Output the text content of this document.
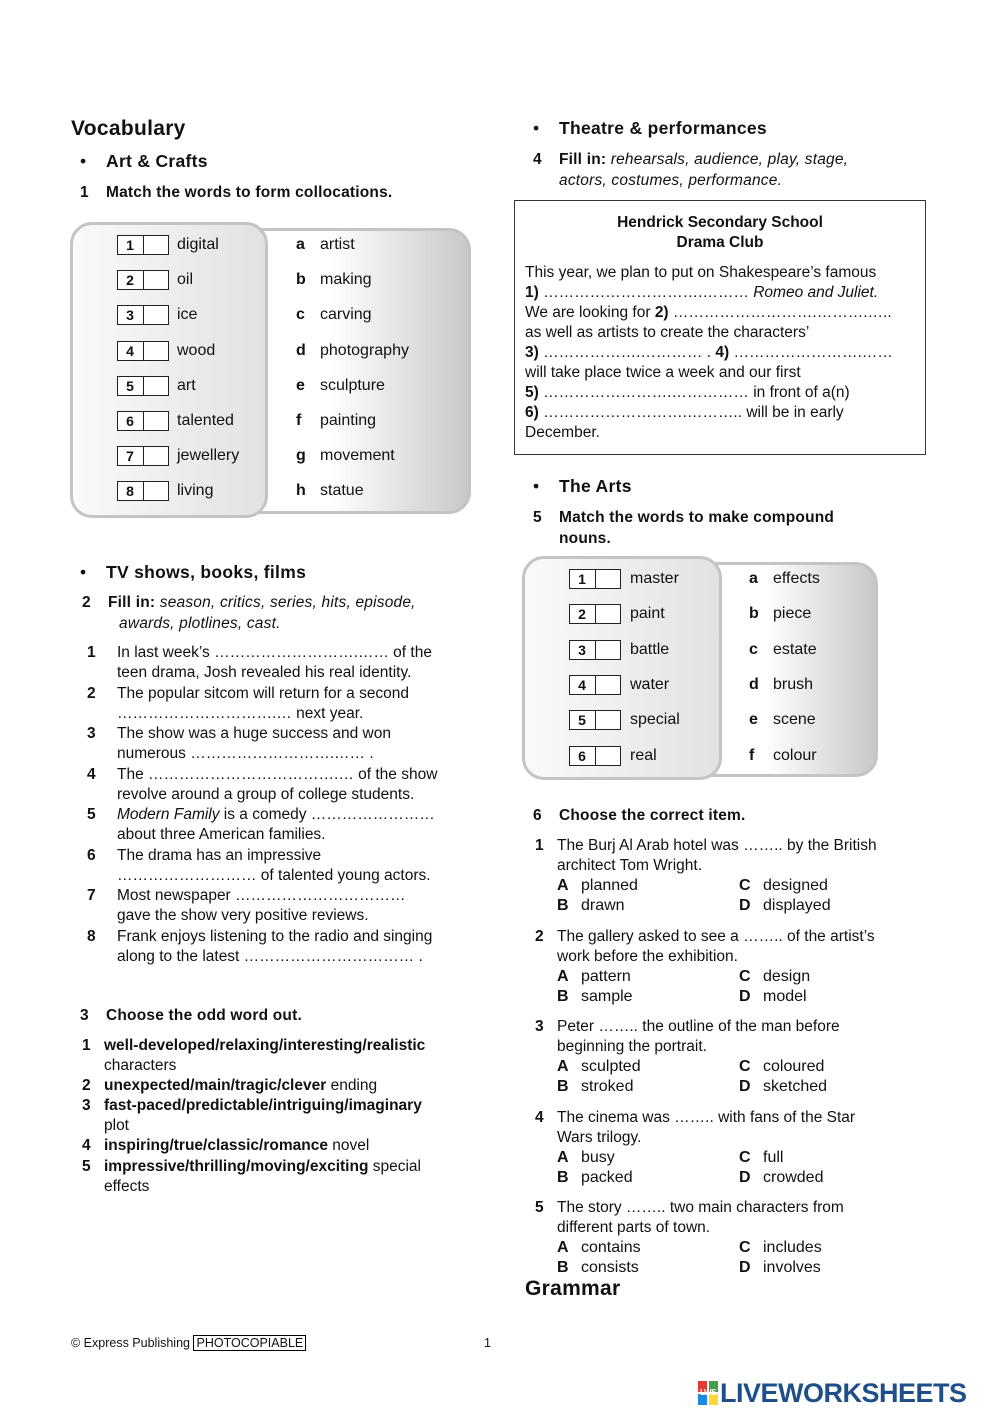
Vocabulary
• Art & Crafts
1 Match the words to form collocations.
1	digital	a artist
2	oil	b making
3	ice	c carving
4	wood	d photography
5	art	e sculpture
6	talented	f painting
7	jewellery	g movement
8	living	h statue
• TV shows, books, films
2 Fill in: season, critics, series, hits, episode,
awards, plotlines, cast.
1 In last week’s ……………………….…… of the
teen drama, Josh revealed his real identity.
2 The popular sitcom will return for a second
………………………….… next year.
3 The show was a huge success and won
numerous ……………………….…… .
4 The ……………………………….… of the show
revolve around a group of college students.
5 Modern Family is a comedy ……………………
about three American families.
6 The drama has an impressive
……………………… of talented young actors.
7 Most newspaper ……………………………
gave the show very positive reviews.
8 Frank enjoys listening to the radio and singing
along to the latest …………………………… .
3 Choose the odd word out.
1 well-developed/relaxing/interesting/realistic
characters
2 unexpected/main/tragic/clever ending
3 fast-paced/predictable/intriguing/imaginary
plot
4 inspiring/true/classic/romance novel
5 impressive/thrilling/moving/exciting special
effects
• Theatre & performances
4 Fill in: rehearsals, audience, play, stage,
actors, costumes, performance.
Hendrick Secondary School
Drama Club
This year, we plan to put on Shakespeare’s famous
1) ………………………….……… Romeo and Juliet.
We are looking for 2) ……………………….……….…..
as well as artists to create the characters’
3) ……………….………… . 4) …………………….……
will take place twice a week and our first
5) …………………….…………… in front of a(n)
6) ……………………….……….. will be in early
December.
• The Arts
5 Match the words to make compound
nouns.
1	master	a effects
2	paint	b piece
3	battle	c estate
4	water	d brush
5	special	e scene
6	real	f colour
6 Choose the correct item.
1 The Burj Al Arab hotel was …….. by the British
architect Tom Wright.
A planned
B drawn
C designed
D displayed
2 The gallery asked to see a …….. of the artist’s
work before the exhibition.
A pattern
B sample
C design
D model
3 Peter …….. the outline of the man before
beginning the portrait.
A sculpted
B stroked
C coloured
D sketched
4 The cinema was …….. with fans of the Star
Wars trilogy.
A busy
B packed
C full
D crowded
5 The story …….. two main characters from
different parts of town.
A contains
B consists
C includes
D involves
Grammar
© Express Publishing PHOTOCOPIABLE	1
LWS LIVEWORKSHEETS
